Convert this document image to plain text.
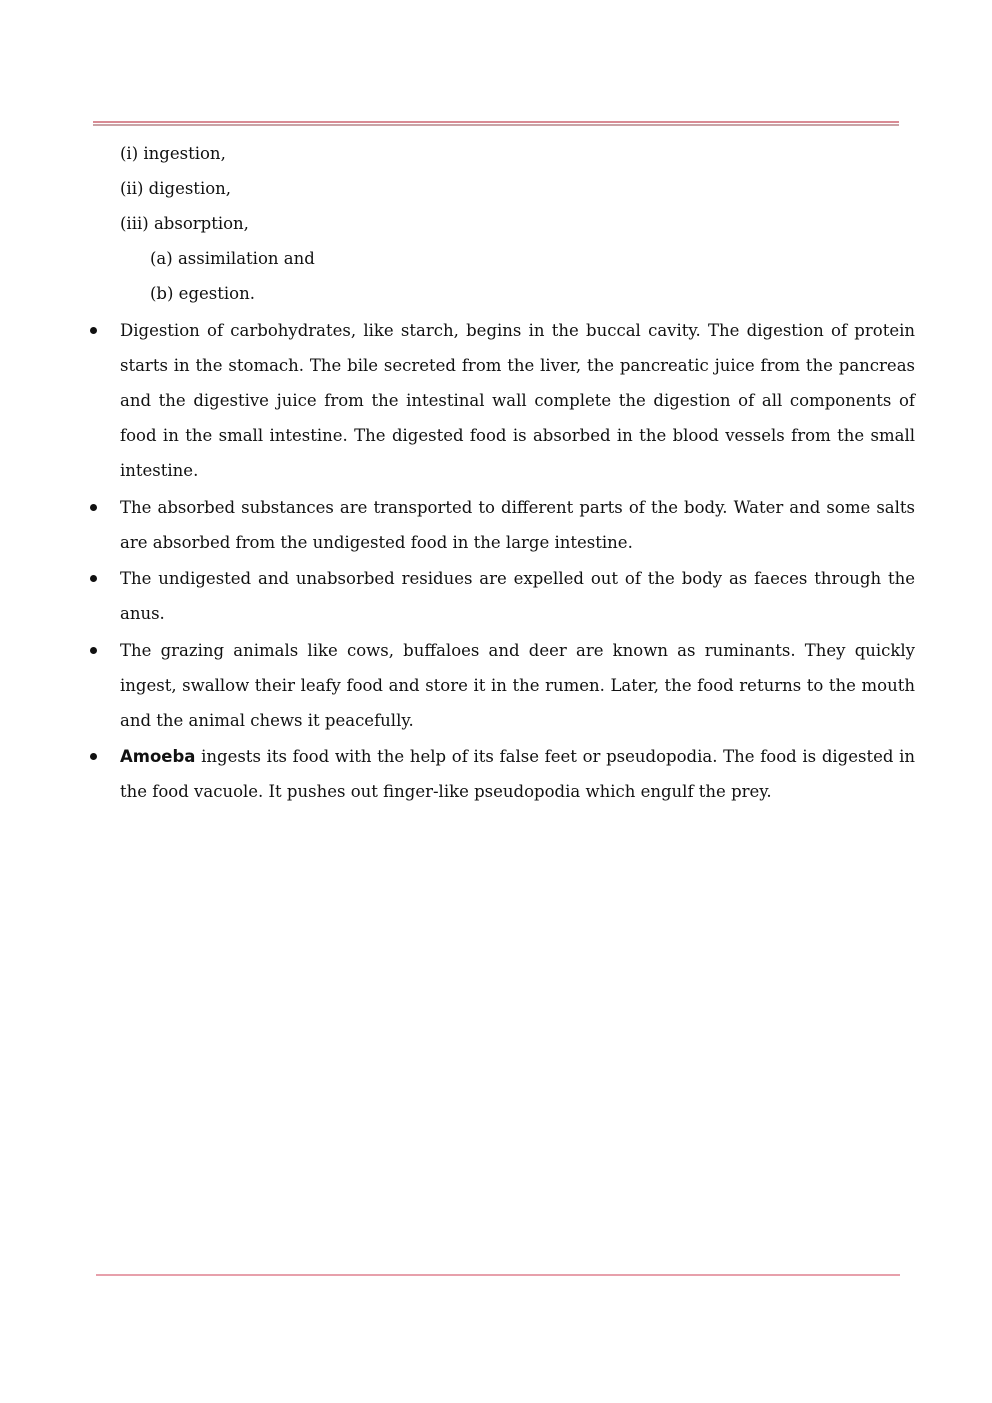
(i) ingestion,
(ii) digestion,
(iii) absorption,
(a) assimilation and
(b) egestion.
Digestion of carbohydrates, like starch, begins in the buccal cavity. The digestion of protein starts in the stomach. The bile secreted from the liver, the pancreatic juice from the pancreas and the digestive juice from the intestinal wall complete the digestion of all components of food in the small intestine. The digested food is absorbed in the blood vessels from the small intestine.
The absorbed substances are transported to different parts of the body. Water and some salts are absorbed from the undigested food in the large intestine.
The undigested and unabsorbed residues are expelled out of the body as faeces through the anus.
The grazing animals like cows, buffaloes and deer are known as ruminants. They quickly ingest, swallow their leafy food and store it in the rumen. Later, the food returns to the mouth and the animal chews it peacefully.
Amoeba ingests its food with the help of its false feet or pseudopodia. The food is digested in the food vacuole. It pushes out finger-like pseudopodia which engulf the prey.
